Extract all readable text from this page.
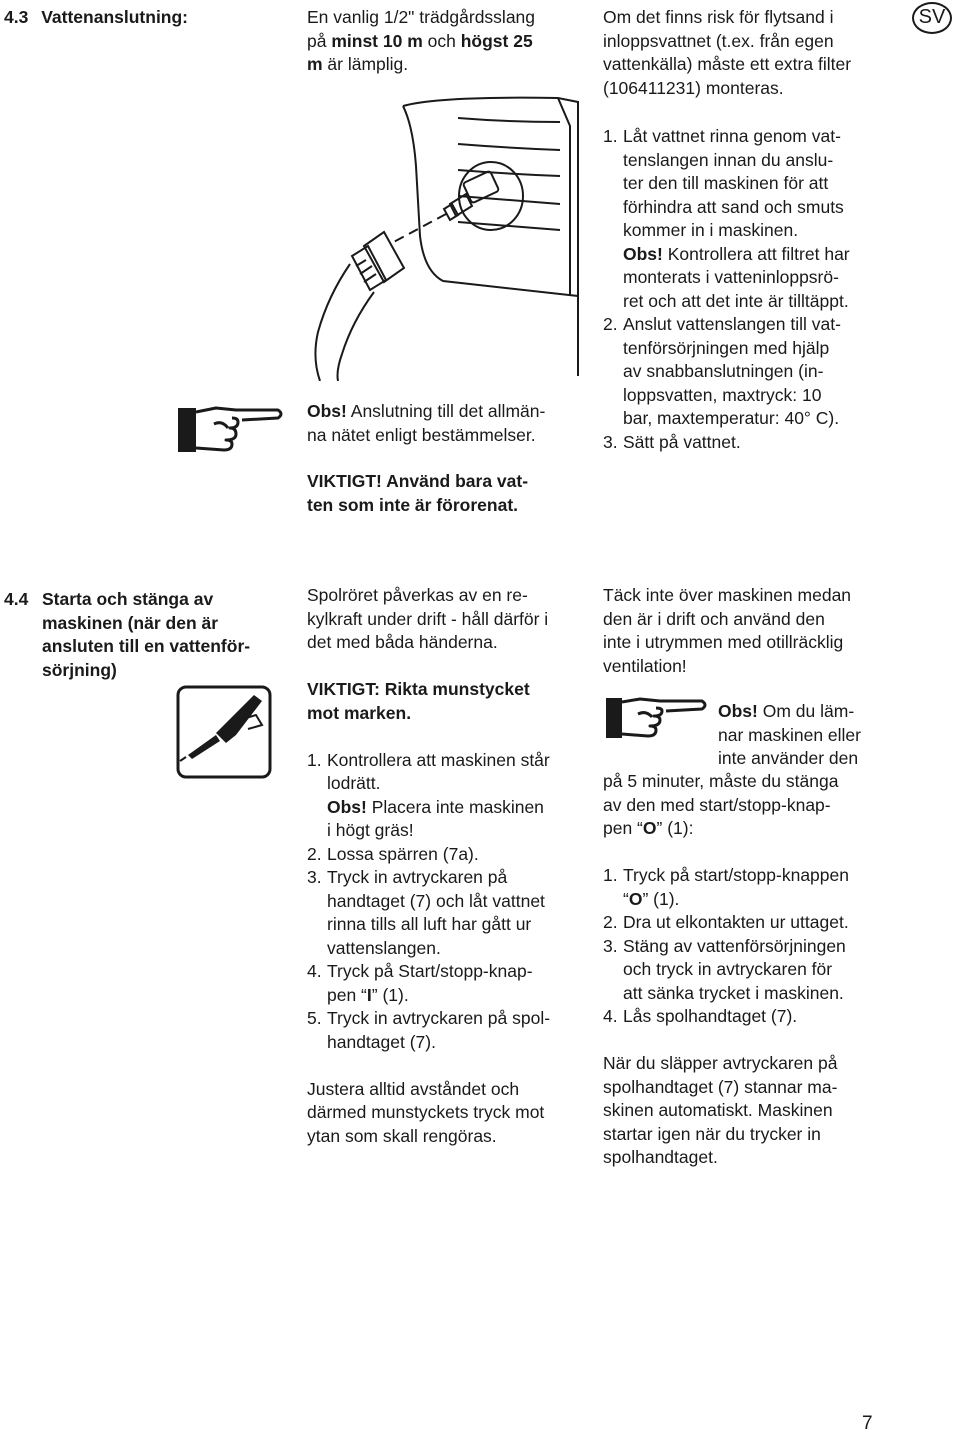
4.3 Vattenanslutning:	En vanlig 1/2" trädgårdsslang
på minst 10 m och högst 25
m är lämplig.
Om det finns risk för flytsand i
inloppsvattnet (t.ex. från egen
vattenkälla) måste ett extra filter
(106411231) monteras.
SV
Obs! Anslutning till det allmän-
na nätet enligt bestämmelser.
VIKTIGT! Använd bara vat-
ten som inte är förorenat.
1. Låt vattnet rinna genom vat-
tenslangen innan du anslu-
ter den till maskinen för att
förhindra att sand och smuts
kommer in i maskinen.
Obs! Kontrollera att filtret har
monterats i vatteninloppsrö-
ret och att det inte är tilltäppt.
2. Anslut vattenslangen till vat-
tenförsörjningen med hjälp
av snabbanslutningen (in-
loppsvatten, maxtryck: 10
bar, maxtemperatur: 40° C).
3. Sätt på vattnet.
4.4 Starta och stänga av
maskinen (när den är
ansluten till en vattenför-
sörjning)
Spolröret påverkas av en re-
kylkraft under drift - håll därför i
det med båda händerna.
VIKTIGT: Rikta munstycket
mot marken.
1. Kontrollera att maskinen står
lodrätt.
Obs! Placera inte maskinen
i högt gräs!
2. Lossa spärren (7a).
3. Tryck in avtryckaren på
handtaget (7) och låt vattnet
rinna tills all luft har gått ur
vattenslangen.
4. Tryck på Start/stopp-knap-
pen “I” (1).
5. Tryck in avtryckaren på spol-
handtaget (7).
Justera alltid avståndet och
därmed munstyckets tryck mot
ytan som skall rengöras.
Täck inte över maskinen medan
den är i drift och använd den
inte i utrymmen med otillräcklig
ventilation!
Obs! Om du läm-
nar maskinen eller
inte använder den
på 5 minuter, måste du stänga
av den med start/stopp-knap-
pen “O” (1):
1. Tryck på start/stopp-knappen
“O” (1).
2. Dra ut elkontakten ur uttaget.
3. Stäng av vattenförsörjningen
och tryck in avtryckaren för
att sänka trycket i maskinen.
4. Lås spolhandtaget (7).
När du släpper avtryckaren på
spolhandtaget (7) stannar ma-
skinen automatiskt. Maskinen
startar igen när du trycker in
spolhandtaget.
7
